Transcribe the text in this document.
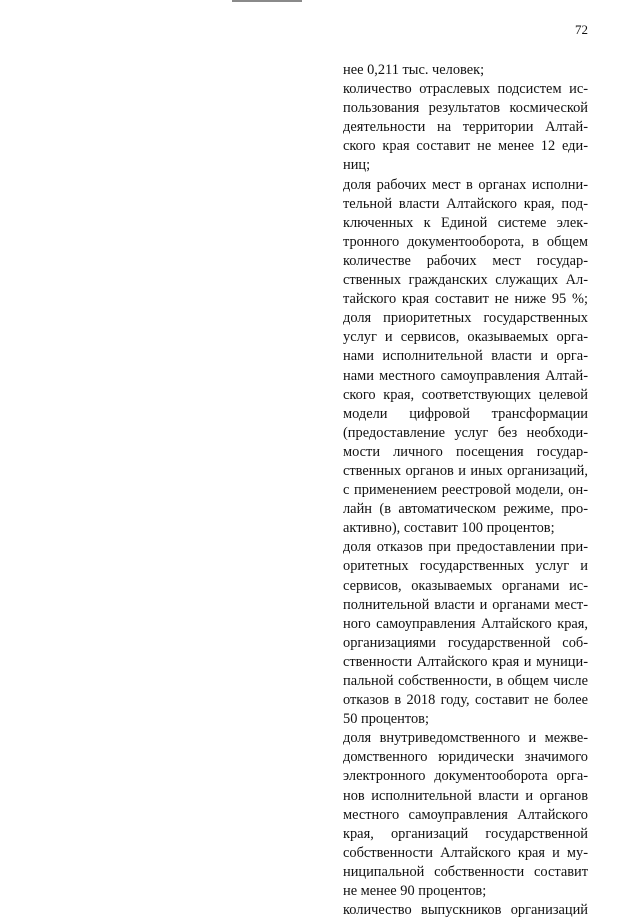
72
нее 0,211 тыс. человек;
количество отраслевых подсистем ис-
пользования результатов космической
деятельности на территории Алтай-
ского края составит не менее 12 еди-
ниц;
доля рабочих мест в органах исполни-
тельной власти Алтайского края, под-
ключенных к Единой системе элек-
тронного документооборота, в общем
количестве рабочих мест государ-
ственных гражданских служащих Ал-
тайского края составит не ниже 95 %;
доля приоритетных государственных
услуг и сервисов, оказываемых орга-
нами исполнительной власти и орга-
нами местного самоуправления Алтай-
ского края, соответствующих целевой
модели цифровой трансформации
(предоставление услуг без необходи-
мости личного посещения государ-
ственных органов и иных организаций,
с применением реестровой модели, он-
лайн (в автоматическом режиме, про-
активно), составит 100 процентов;
доля отказов при предоставлении при-
оритетных государственных услуг и
сервисов, оказываемых органами ис-
полнительной власти и органами мест-
ного самоуправления Алтайского края,
организациями государственной соб-
ственности Алтайского края и муници-
пальной собственности, в общем числе
отказов в 2018 году, составит не более
50 процентов;
доля внутриведомственного и межве-
домственного юридически значимого
электронного документооборота орга-
нов исполнительной власти и органов
местного самоуправления Алтайского
края, организаций государственной
собственности Алтайского края и му-
ниципальной собственности составит
не менее 90 процентов;
количество выпускников организаций
